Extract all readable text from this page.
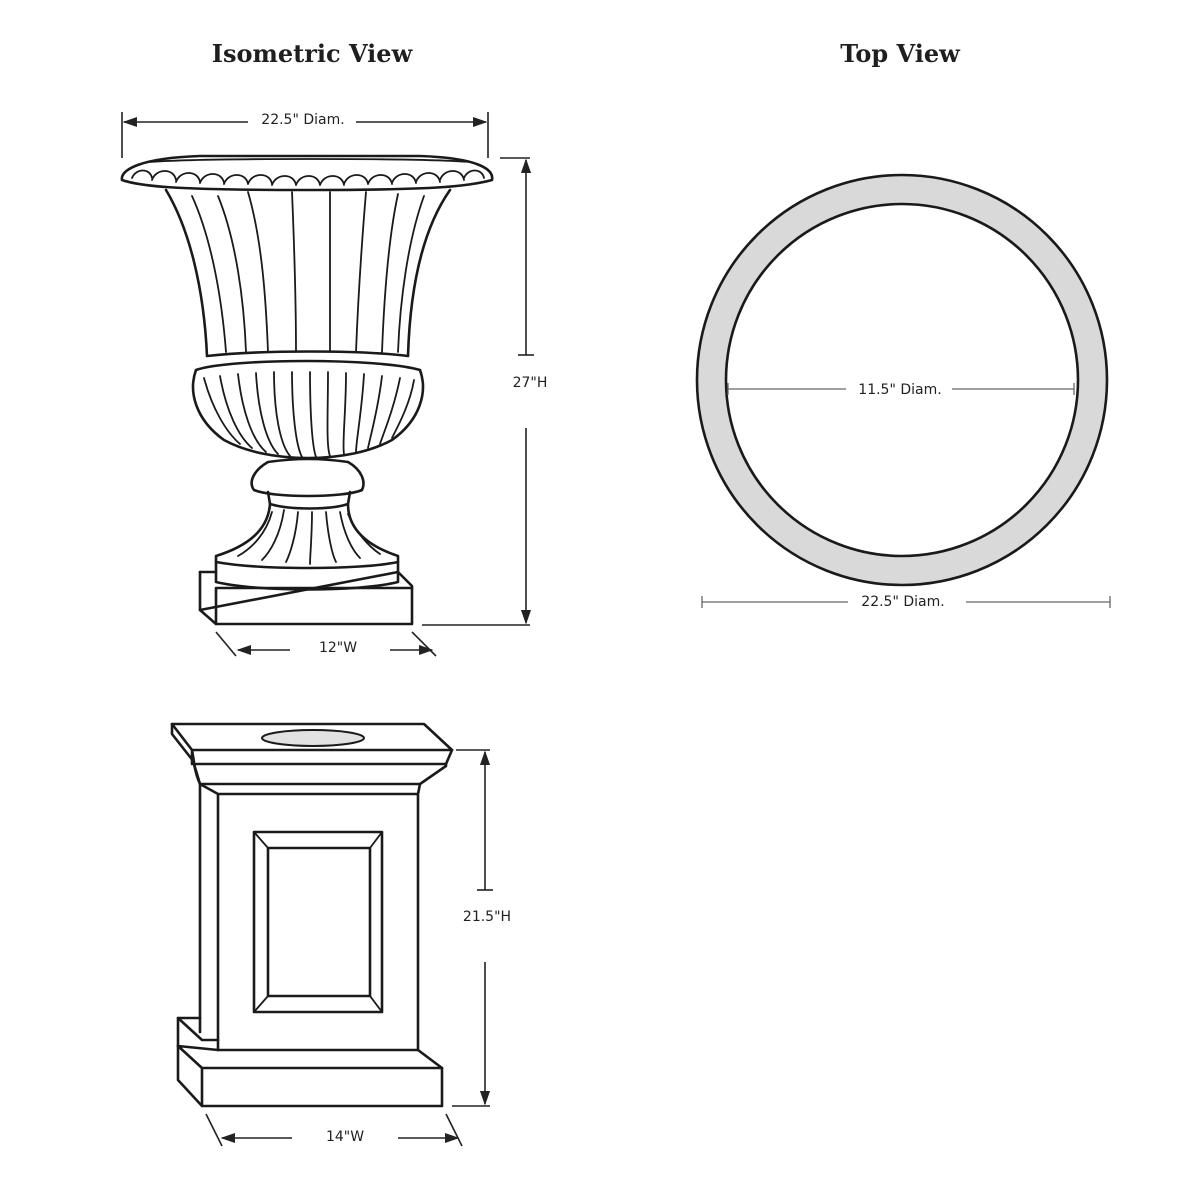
Isometric View	Top View
22.5" Diam.
27"H
12"W
11.5" Diam.
22.5" Diam.
21.5"H
14"W
